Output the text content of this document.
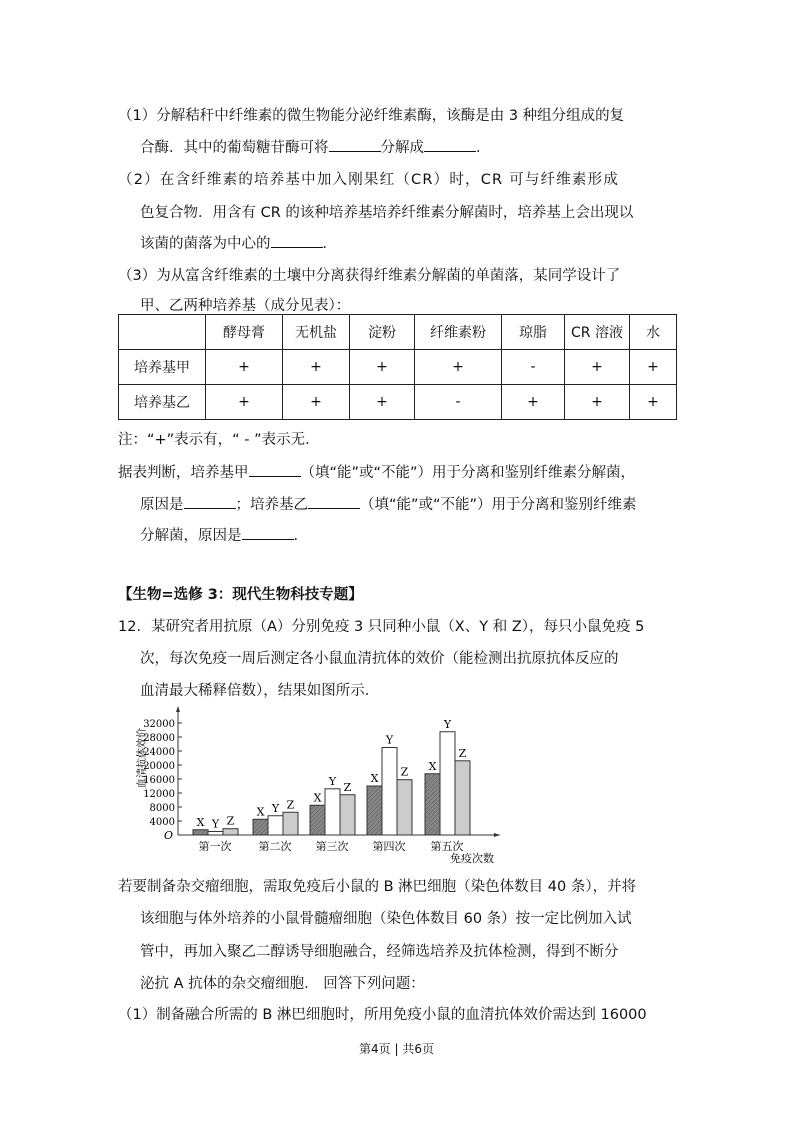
（1）分解秸秆中纤维素的微生物能分泌纤维素酶，该酶是由 3 种组分组成的复
合酶．其中的葡萄糖苷酶可将	分解成	．
（2）在含纤维素的培养基中加入刚果红（CR）时，CR 可与纤维素形成
色复合物．用含有 CR 的该种培养基培养纤维素分解菌时，培养基上会出现以
该菌的菌落为中心的	．
（3）为从富含纤维素的土壤中分离获得纤维素分解菌的单菌落，某同学设计了
甲、乙两种培养基（成分见表）：
	酵母膏	无机盐	淀粉	纤维素粉	琼脂	CR 溶液	水
培养基甲	+	+	+	+	-	+	+
培养基乙	+	+	+	-	+	+	+
注：“+”表示有，“ - ”表示无．
据表判断，培养基甲	（填“能”或“不能”）用于分离和鉴别纤维素分解菌，
原因是	；培养基乙	（填“能”或“不能”）用于分离和鉴别纤维素
分解菌，原因是	．
【生物=选修 3：现代生物科技专题】
12．某研究者用抗原（A）分别免疫 3 只同种小鼠（X、Y 和 Z），每只小鼠免疫 5
次，每次免疫一周后测定各小鼠血清抗体的效价（能检测出抗原抗体反应的
血清最大稀释倍数），结果如图所示．
4000
8000
12000
16000
20000
24000
28000
32000
第一次
X Y Z
第二次
X Y Z
第三次
X
Y Z
第四次
X
Y
Z
第五次
X
Y
Z
血清抗体效价
免疫次数
O
若要制备杂交瘤细胞，需取免疫后小鼠的 B 淋巴细胞（染色体数目 40 条），并将
该细胞与体外培养的小鼠骨髓瘤细胞（染色体数目 60 条）按一定比例加入试
管中，再加入聚乙二醇诱导细胞融合，经筛选培养及抗体检测，得到不断分
泌抗 A 抗体的杂交瘤细胞． 回答下列问题：
（1）制备融合所需的 B 淋巴细胞时，所用免疫小鼠的血清抗体效价需达到 16000
第4页 | 共6页
